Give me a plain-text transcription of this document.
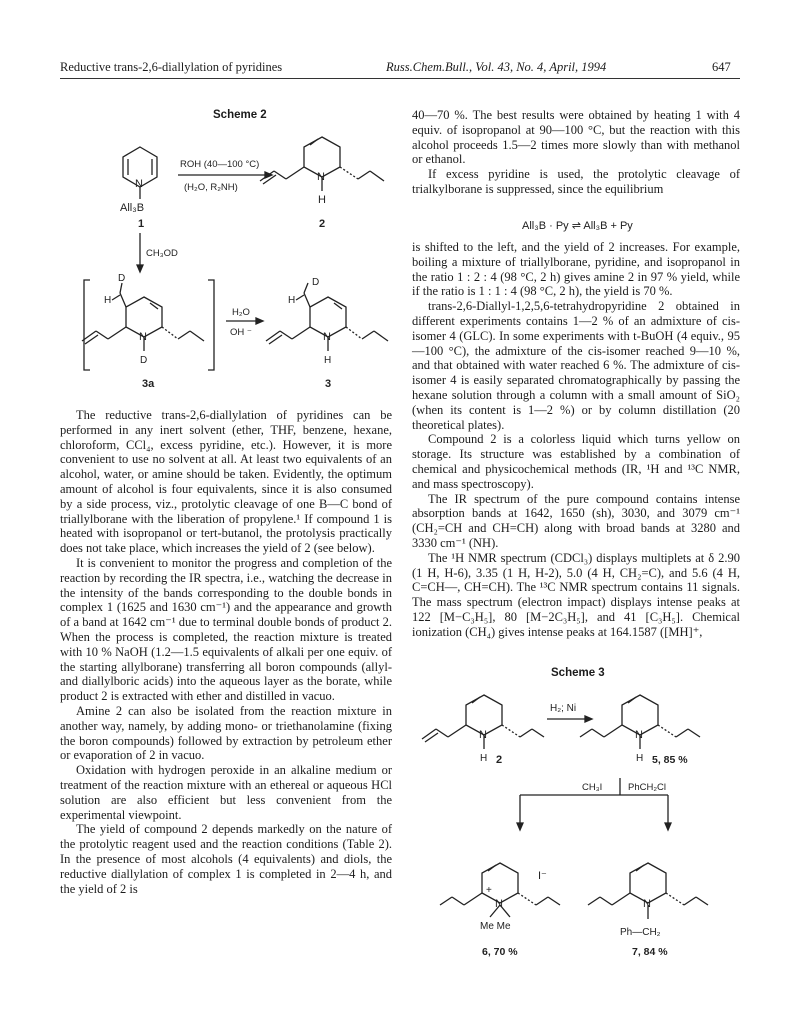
Reductive trans-2,6-diallylation of pyridines	Russ.Chem.Bull., Vol. 43, No. 4, April, 1994	647
Scheme 2
N
All₃B
1
ROH (40—100 °C)
(H₂O, R₂NH)
N
H
2
CH₃OD
D
H
N
D
3a
H₂O
OH ⁻
D
H
N
H
3

The reductive trans-2,6-diallylation of pyridines can be performed in any inert solvent (ether, THF, benzene, hexane, chloroform, CCl₄, excess pyridine, etc.). However, it is more convenient to use no solvent at all. At least two equivalents of an alcohol, water, or amine should be taken. Evidently, the optimum amount of alcohol is four equivalents, since it is also consumed by a side process, viz., protolytic cleavage of one B—C bond of triallylborane with the liberation of propylene.¹ If compound 1 is heated with isopropanol or tert-butanol, the protolysis practically does not take place, which increases the yield of 2 (see below).

It is convenient to monitor the progress and completion of the reaction by recording the IR spectra, i.e., watching the decrease in the intensity of the bands corresponding to the double bonds in complex 1 (1625 and 1630 cm⁻¹) and the appearance and growth of a band at 1642 cm⁻¹ due to terminal double bonds of product 2. When the process is completed, the reaction mixture is treated with 10 % NaOH (1.2—1.5 equivalents of alkali per one equiv. of the starting allylborane) transferring all boron compounds (allyl- and diallylboric acids) into the aqueous layer as the borate, while product 2 is extracted with ether and distilled in vacuo.

Amine 2 can also be isolated from the reaction mixture in another way, namely, by adding mono- or triethanolamine (fixing the boron compounds) followed by extraction by petroleum ether or evaporation of 2 in vacuo.

Oxidation with hydrogen peroxide in an alkaline medium or treatment of the reaction mixture with an ethereal or aqueous HCl solution are also efficient but less convenient from the experimental viewpoint.

The yield of compound 2 depends markedly on the nature of the protolytic reagent used and the reaction conditions (Table 2). In the presence of most alcohols (4 equivalents) and diols, the reductive diallylation of complex 1 is completed in 2—4 h, and the yield of 2 is

40—70 %. The best results were obtained by heating 1 with 4 equiv. of isopropanol at 90—100 °C, but the reaction with this alcohol proceeds 1.5—2 times more slowly than with methanol or ethanol.

If excess pyridine is used, the protolytic cleavage of trialkylborane is suppressed, since the equilibrium

All₃B · Py ⇌ All₃B + Py

is shifted to the left, and the yield of 2 increases. For example, boiling a mixture of triallylborane, pyridine, and isopropanol in the ratio 1 : 2 : 4 (98 °C, 2 h) gives amine 2 in 97 % yield, while if the ratio is 1 : 1 : 4 (98 °C, 2 h), the yield is 70 %.

trans-2,6-Diallyl-1,2,5,6-tetrahydropyridine 2 obtained in different experiments contains 1—2 % of an admixture of cis-isomer 4 (GLC). In some experiments with t-BuOH (4 equiv., 95—100 °C), the admixture of the cis-isomer reached 9—10 %, and that obtained with water reached 6 %. The admixture of cis-isomer 4 is easily separated chromatographically by passing the hexane solution through a column with a small amount of SiO₂ (when its content is 1—2 %) or by column distillation (20 theoretical plates).

Compound 2 is a colorless liquid which turns yellow on storage. Its structure was established by a combination of chemical and physicochemical methods (IR, ¹H and ¹³C NMR, and mass spectroscopy).

The IR spectrum of the pure compound contains intense absorption bands at 1642, 1650 (sh), 3030, and 3079 cm⁻¹ (CH₂=CH and CH=CH) along with broad bands at 3280 and 3330 cm⁻¹ (NH).

The ¹H NMR spectrum (CDCl₃) displays multiplets at δ 2.90 (1 H, H-6), 3.35 (1 H, H-2), 5.0 (4 H, CH₂=C), and 5.6 (4 H, C=CH—, CH=CH). The ¹³C NMR spectrum contains 11 signals. The mass spectrum (electron impact) displays intense peaks at 122 [M−C₃H₅], 80 [M−2C₃H₅], and 41 [C₃H₅]. Chemical ionization (CH₄) gives intense peaks at 164.1587 ([MH]⁺,

Scheme 3
N
H 2
H₂; Ni
N
H 5, 85 %
CH₃I	PhCH₂Cl
N
+
I⁻
Me Me
6, 70 %
N
Ph—CH₂
7, 84 %
